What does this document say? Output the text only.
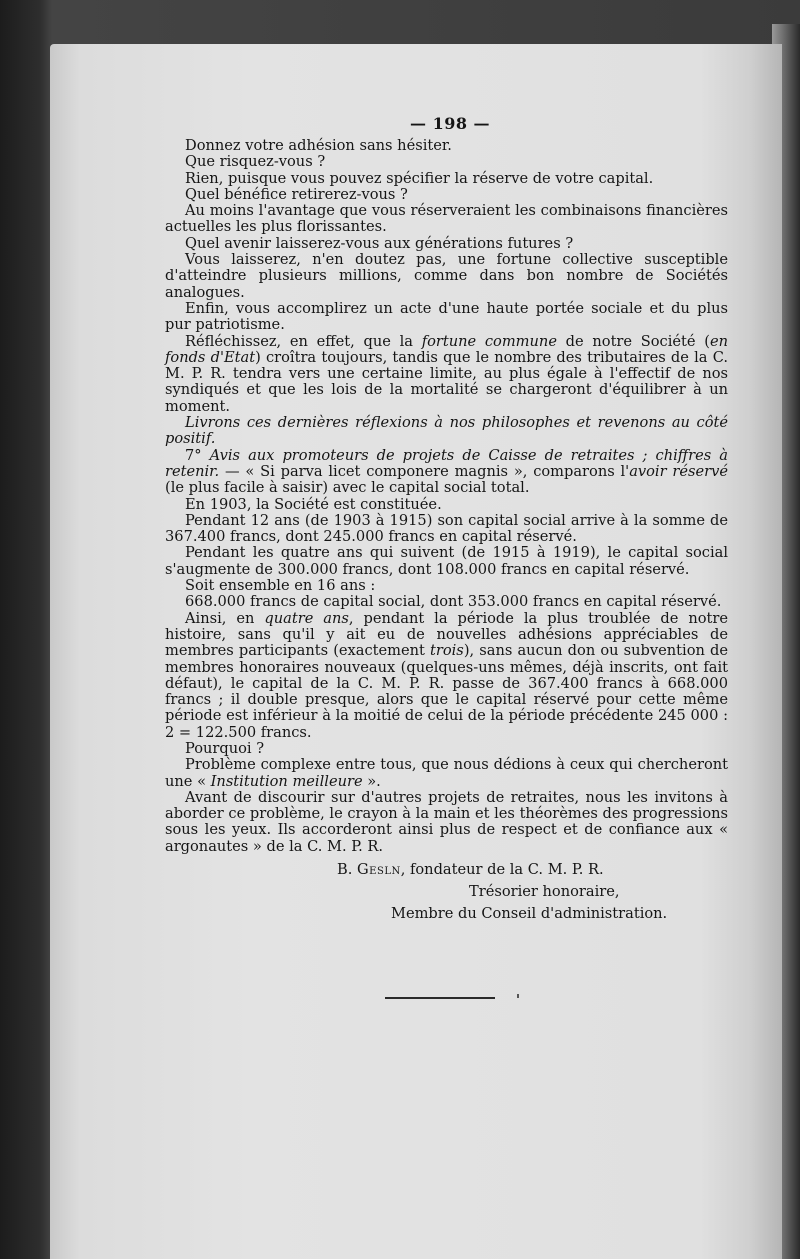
— 198 —

Donnez votre adhésion sans hésiter.

Que risquez-vous ?

Rien, puisque vous pouvez spécifier la réserve de votre capital.

Quel bénéfice retirerez-vous ?

Au moins l'avantage que vous réserveraient les combinaisons financières actuelles les plus florissantes.

Quel avenir laisserez-vous aux générations futures ?

Vous laisserez, n'en doutez pas, une fortune collective susceptible d'atteindre plusieurs millions, comme dans bon nombre de Sociétés analogues.

Enfin, vous accomplirez un acte d'une haute portée sociale et du plus pur patriotisme.

Réfléchissez, en effet, que la fortune commune de notre Société (en fonds d'Etat) croîtra toujours, tandis que le nombre des tributaires de la C. M. P. R. tendra vers une certaine limite, au plus égale à l'effectif de nos syndiqués et que les lois de la mortalité se chargeront d'équilibrer à un moment.

Livrons ces dernières réflexions à nos philosophes et revenons au côté positif.

7° Avis aux promoteurs de projets de Caisse de retraites ; chiffres à retenir. — « Si parva licet componere magnis », comparons l'avoir réservé (le plus facile à saisir) avec le capital social total.

En 1903, la Société est constituée.

Pendant 12 ans (de 1903 à 1915) son capital social arrive à la somme de 367.400 francs, dont 245.000 francs en capital réservé.

Pendant les quatre ans qui suivent (de 1915 à 1919), le capital social s'augmente de 300.000 francs, dont 108.000 francs en capital réservé.

Soit ensemble en 16 ans :

668.000 francs de capital social, dont 353.000 francs en capital réservé.

Ainsi, en quatre ans, pendant la période la plus troublée de notre histoire, sans qu'il y ait eu de nouvelles adhésions appréciables de membres participants (exactement trois), sans aucun don ou subvention de membres honoraires nouveaux (quelques-uns mêmes, déjà inscrits, ont fait défaut), le capital de la C. M. P. R. passe de 367.400 francs à 668.000 francs ; il double presque, alors que le capital réservé pour cette même période est inférieur à la moitié de celui de la période précédente 245 000 : 2 = 122.500 francs.

Pourquoi ?

Problème complexe entre tous, que nous dédions à ceux qui chercheront une « Institution meilleure ».

Avant de discourir sur d'autres projets de retraites, nous les invitons à aborder ce problème, le crayon à la main et les théorèmes des progressions sous les yeux. Ils accorderont ainsi plus de respect et de confiance aux « argonautes » de la C. M. P. R.

B. Gesln, fondateur de la C. M. P. R.
Trésorier honoraire,
Membre du Conseil d'administration.
